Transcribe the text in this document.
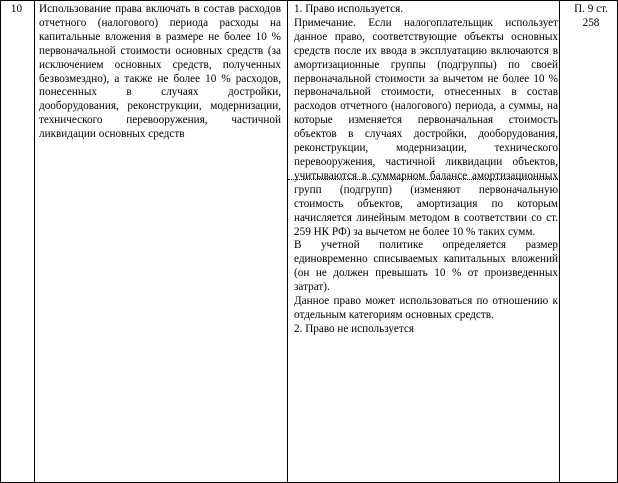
10	Использование права включать в состав расходов отчетного (налогового) периода расходы на капитальные вложения в размере не более 10 % первоначальной стоимости основных средств (за исключением основных средств, полученных безвозмездно), а также не более 10 % расходов, понесенных в случаях достройки, дооборудования, реконструкции, модернизации, технического перевооружения, частичной ликвидации основных средств

1. Право используется.

Примечание. Если налогоплательщик использует данное право, соответствующие объекты основных средств после их ввода в эксплуатацию включаются в амортизационные группы (подгруппы) по своей первоначальной стоимости за вычетом не более 10 % первоначальной стоимости, отнесенных в состав расходов отчетного (налогового) периода, а суммы, на которые изменяется первоначальная стоимость объектов в случаях достройки, дооборудования, реконструкции, модернизации, технического перевооружения, частичной ликвидации объектов, учитываются в суммарном балансе амортизационных групп (подгрупп) (изменяют первоначальную стоимость объектов, амортизация по которым начисляется линейным методом в соответствии со ст. 259 НК РФ) за вычетом не более 10 % таких сумм.

В учетной политике определяется размер единовременно списываемых капитальных вложений (он не должен превышать 10 % от произведенных затрат).

Данное право может использоваться по отношению к отдельным категориям основных средств.

2. Право не используется

П. 9 ст. 258
